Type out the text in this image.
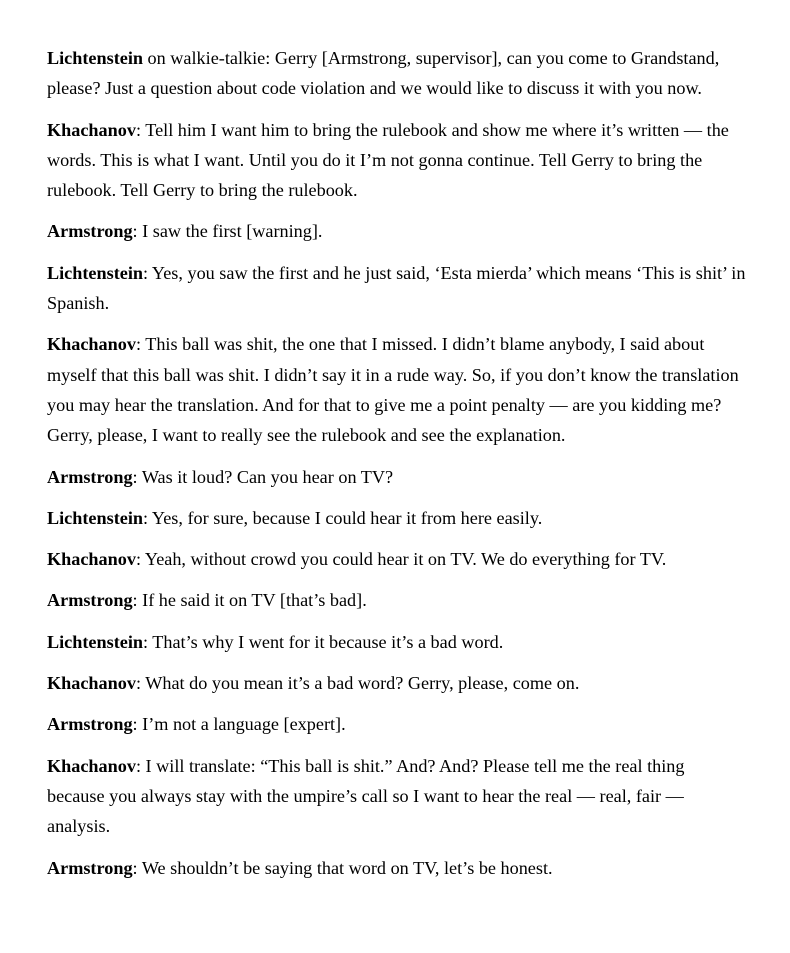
Lichtenstein on walkie-talkie: Gerry [Armstrong, supervisor], can you come to Grandstand, please? Just a question about code violation and we would like to discuss it with you now.

Khachanov: Tell him I want him to bring the rulebook and show me where it’s written — the words. This is what I want. Until you do it I’m not gonna continue. Tell Gerry to bring the rulebook. Tell Gerry to bring the rulebook.

Armstrong: I saw the first [warning].

Lichtenstein: Yes, you saw the first and he just said, ‘Esta mierda’ which means ‘This is shit’ in Spanish.

Khachanov: This ball was shit, the one that I missed. I didn’t blame anybody, I said about myself that this ball was shit. I didn’t say it in a rude way. So, if you don’t know the translation you may hear the translation. And for that to give me a point penalty — are you kidding me? Gerry, please, I want to really see the rulebook and see the explanation.

Armstrong: Was it loud? Can you hear on TV?

Lichtenstein: Yes, for sure, because I could hear it from here easily.

Khachanov: Yeah, without crowd you could hear it on TV. We do everything for TV.

Armstrong: If he said it on TV [that’s bad].

Lichtenstein: That’s why I went for it because it’s a bad word.

Khachanov: What do you mean it’s a bad word? Gerry, please, come on.

Armstrong: I’m not a language [expert].

Khachanov: I will translate: “This ball is shit.” And? And? Please tell me the real thing because you always stay with the umpire’s call so I want to hear the real — real, fair — analysis.

Armstrong: We shouldn’t be saying that word on TV, let’s be honest.
